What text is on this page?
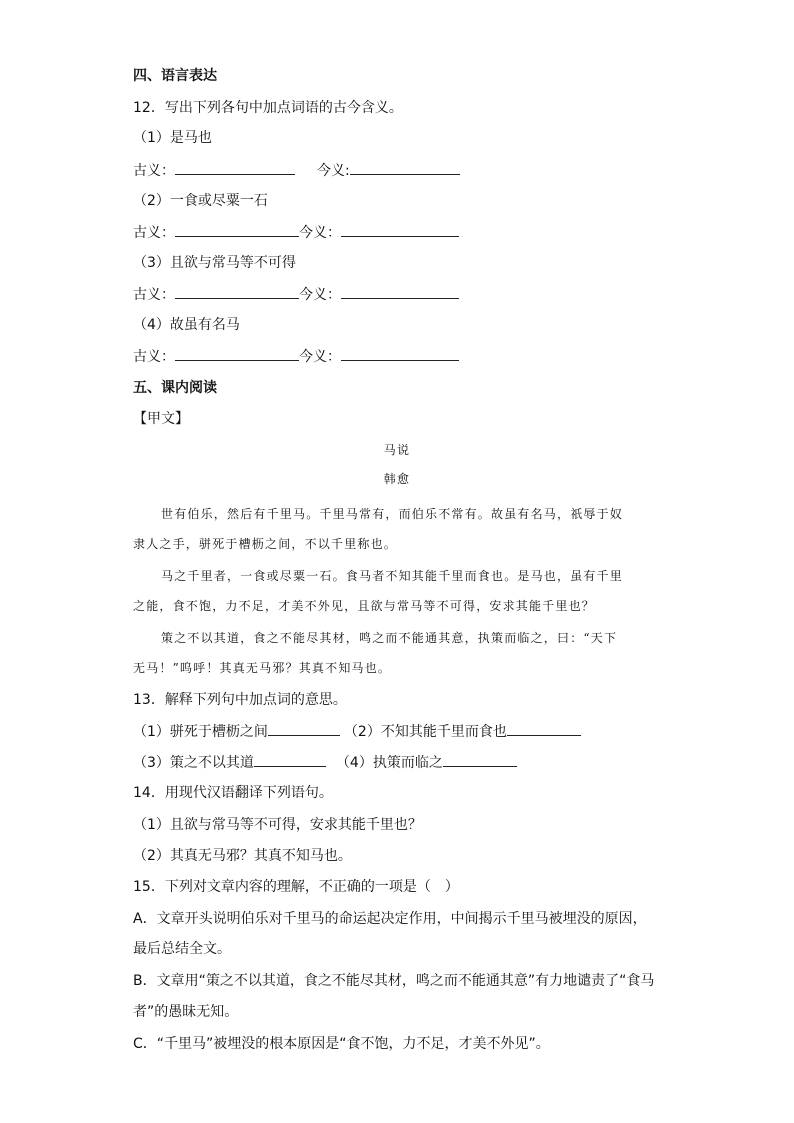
四、语言表达
12．写出下列各句中加点词语的古今含义。
（1）是马也
古义：	今义:
（2）一食或尽粟一石
古义：	今义：
（3）且欲与常马等不可得
古义：	今义：
（4）故虽有名马
古义：	今义：
五、课内阅读
【甲文】
马说
韩愈
世有伯乐，然后有千里马。千里马常有，而伯乐不常有。故虽有名马，祇辱于奴
隶人之手，骈死于槽枥之间，不以千里称也。
马之千里者，一食或尽粟一石。食马者不知其能千里而食也。是马也，虽有千里
之能，食不饱，力不足，才美不外见，且欲与常马等不可得，安求其能千里也？
策之不以其道，食之不能尽其材，鸣之而不能通其意，执策而临之，曰：“天下
无马！”呜呼！其真无马邪？其真不知马也。
13．解释下列句中加点词的意思。
（1）骈死于槽枥之间	（2）不知其能千里而食也
（3）策之不以其道	（4）执策而临之
14．用现代汉语翻译下列语句。
（1）且欲与常马等不可得，安求其能千里也？
（2）其真无马邪？其真不知马也。
15．下列对文章内容的理解，不正确的一项是（　）
A．文章开头说明伯乐对千里马的命运起决定作用，中间揭示千里马被埋没的原因，
最后总结全文。
B．文章用“策之不以其道，食之不能尽其材，鸣之而不能通其意”有力地谴责了“食马
者”的愚昧无知。
C．“千里马”被埋没的根本原因是“食不饱，力不足，才美不外见”。
